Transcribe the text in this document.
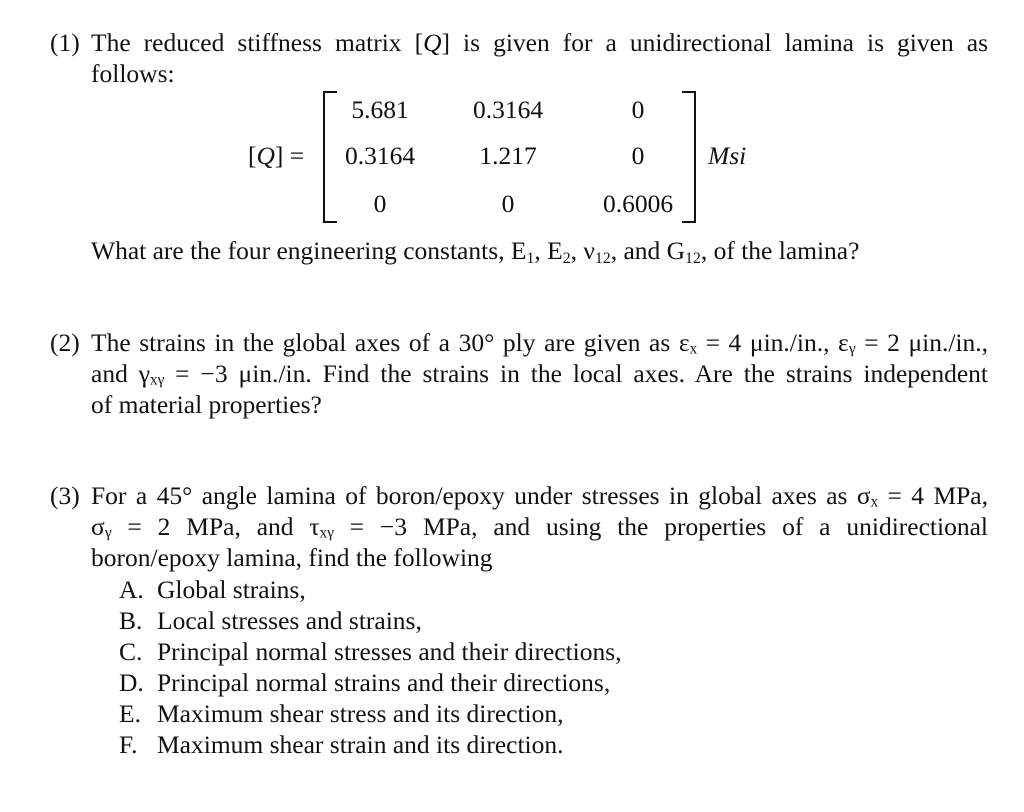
(1) The reduced stiffness matrix [Q] is given for a unidirectional lamina is given as
follows:
[Q] =
5.681	0.3164	0
0.3164	1.217	0
0	0	0.6006
Msi
What are the four engineering constants, $E_1$, $E_2$, $\nu_{12}$, and $G_{12}$, of the lamina?
(2) The strains in the global axes of a 30° ply are given as εₓ = 4 μin./in., εᵧ = 2 μin./in.,
and γₓᵧ = −3 μin./in. Find the strains in the local axes. Are the strains independent
of material properties?
(3) For a 45° angle lamina of boron/epoxy under stresses in global axes as σₓ = 4 MPa,
σᵧ = 2 MPa, and τₓᵧ = −3 MPa, and using the properties of a unidirectional
boron/epoxy lamina, find the following
A. Global strains,
B. Local stresses and strains,
C. Principal normal stresses and their directions,
D. Principal normal strains and their directions,
E. Maximum shear stress and its direction,
F. Maximum shear strain and its direction.
